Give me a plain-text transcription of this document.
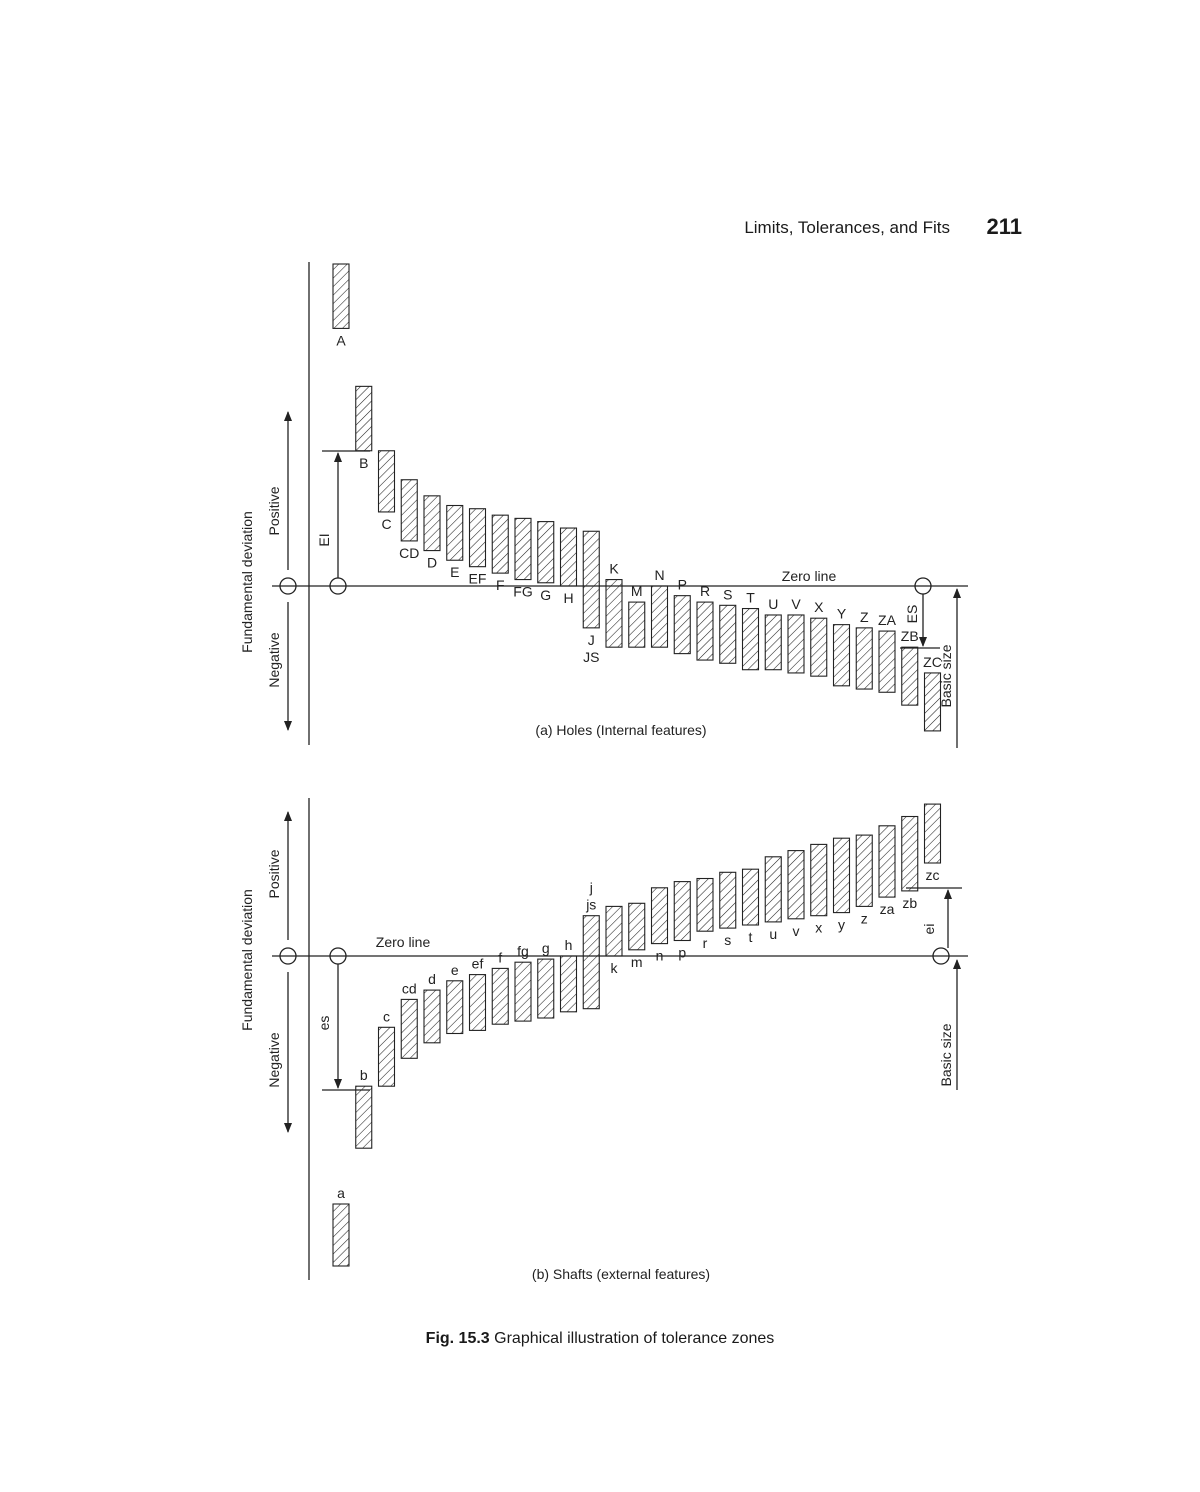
Limits, Tolerances, and Fits 211
A
B
C
CD
D
E EF F FG G H
J
JS
K
M
N
P R S T U V X Y Z ZA
ZB
ZC
Fundamental deviation
Positive
Negative
EI
ES
Basic size
Zero line
(a) Holes (Internal features)
a
b
c
cd
d
e ef f fg g h
j
js
k m n p
r s t u v x y z
za zb
zc
Fundamental deviation
Positive
Negative
es
ei
Basic size
Zero line
(b) Shafts (external features)
Fig. 15.3 Graphical illustration of tolerance zones
